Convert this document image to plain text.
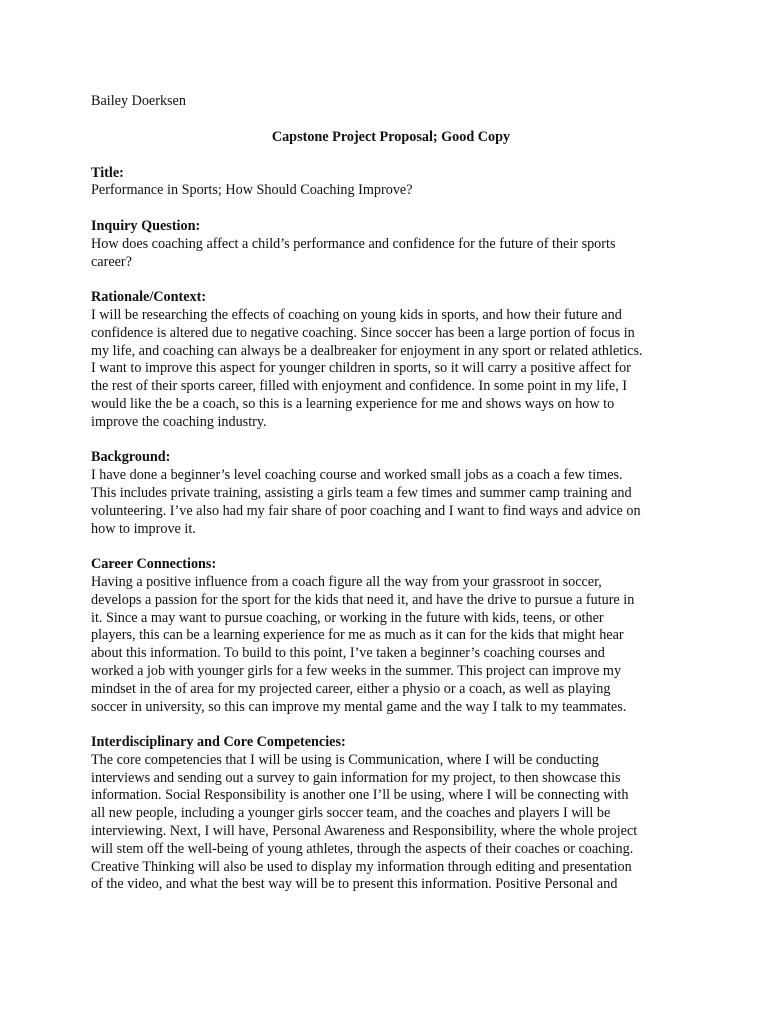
Bailey Doerksen
Capstone Project Proposal; Good Copy
Title:
Performance in Sports; How Should Coaching Improve?
Inquiry Question:
How does coaching affect a child’s performance and confidence for the future of their sports
career?
Rationale/Context:
I will be researching the effects of coaching on young kids in sports, and how their future and
confidence is altered due to negative coaching. Since soccer has been a large portion of focus in
my life, and coaching can always be a dealbreaker for enjoyment in any sport or related athletics.
I want to improve this aspect for younger children in sports, so it will carry a positive affect for
the rest of their sports career, filled with enjoyment and confidence. In some point in my life, I
would like the be a coach, so this is a learning experience for me and shows ways on how to
improve the coaching industry.
Background:
I have done a beginner’s level coaching course and worked small jobs as a coach a few times.
This includes private training, assisting a girls team a few times and summer camp training and
volunteering. I’ve also had my fair share of poor coaching and I want to find ways and advice on
how to improve it.
Career Connections:
Having a positive influence from a coach figure all the way from your grassroot in soccer,
develops a passion for the sport for the kids that need it, and have the drive to pursue a future in
it. Since a may want to pursue coaching, or working in the future with kids, teens, or other
players, this can be a learning experience for me as much as it can for the kids that might hear
about this information. To build to this point, I’ve taken a beginner’s coaching courses and
worked a job with younger girls for a few weeks in the summer. This project can improve my
mindset in the of area for my projected career, either a physio or a coach, as well as playing
soccer in university, so this can improve my mental game and the way I talk to my teammates.
Interdisciplinary and Core Competencies:
The core competencies that I will be using is Communication, where I will be conducting
interviews and sending out a survey to gain information for my project, to then showcase this
information. Social Responsibility is another one I’ll be using, where I will be connecting with
all new people, including a younger girls soccer team, and the coaches and players I will be
interviewing. Next, I will have, Personal Awareness and Responsibility, where the whole project
will stem off the well-being of young athletes, through the aspects of their coaches or coaching.
Creative Thinking will also be used to display my information through editing and presentation
of the video, and what the best way will be to present this information. Positive Personal and
